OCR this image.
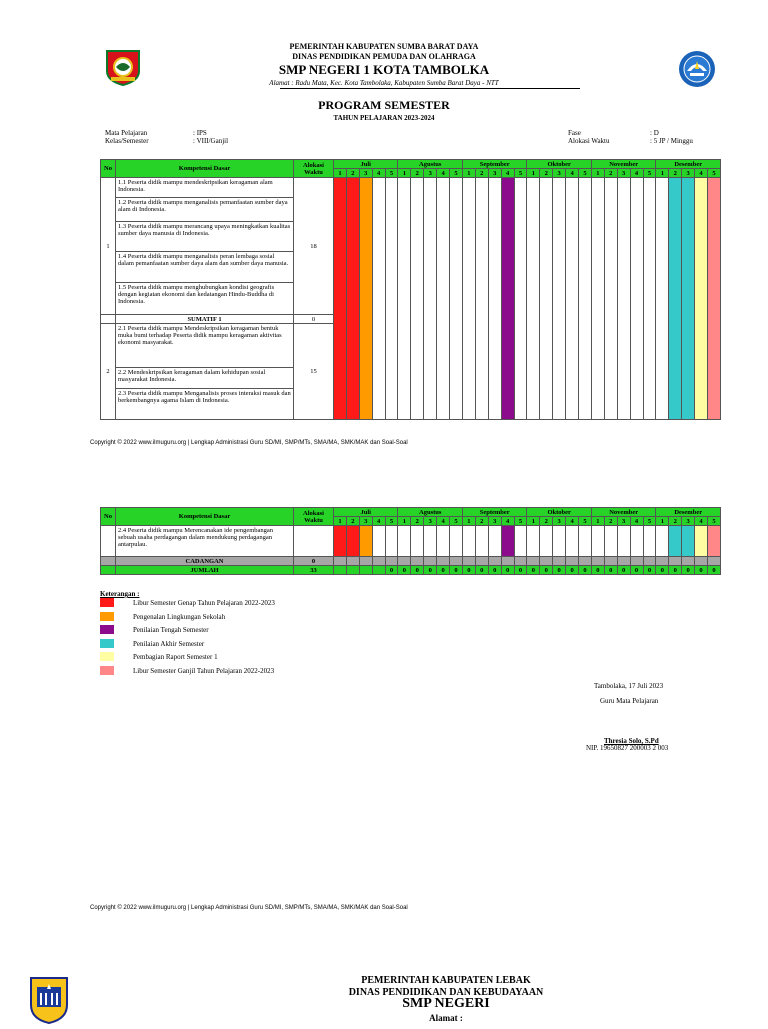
PEMERINTAH KABUPATEN SUMBA BARAT DAYA
DINAS PENDIDIKAN PEMUDA DAN OLAHRAGA
SMP NEGERI 1 KOTA TAMBOLKA
Alamat : Radu Mata, Kec. Kota Tambolaka, Kabupaten Sumba Barat Daya - NTT
PROGRAM SEMESTER
TAHUN PELAJARAN 2023-2024
Mata Pelajaran	: IPS
Kelas/Semester	: VIII/Ganjil
Fase	: D
Alokasi Waktu	: 5 JP / Minggu
No	Kompetensi Dasar	Alokasi Waktu	Juli					Agustus					September					Oktober					November					Desember				
			1	2	3	4	5	1	2	3	4	5	1	2	3	4	5	1	2	3	4	5	1	2	3	4	5	1	2	3	4	5
1	1.1 Peserta didik mampu mendeskripsikan keragaman alam Indonesia.	18																														
	1.2 Peserta didik mampu menganalisis pemanfaatan sumber daya alam di Indonesia.																															
	1.3 Peserta didik mampu merancang upaya meningkatkan kualitas sumber daya manusia di Indonesia.																															
	1.4 Peserta didik mampu menganalisis peran lembaga sosial dalam pemanfaatan sumber daya alam dan sumber daya manusia.																															
	1.5 Peserta didik mampu menghubungkan kondisi geografis dengan kegiatan ekonomi dan kedatangan Hindu-Buddha di Indonesia.																															
	SUMATIF 1	0																														
2	2.1 Peserta didik mampu Mendeskripsikan keragaman bentuk muka bumi terhadap Peserta didik mampu keragaman aktivitas ekonomi masyarakat.	15																														
	2.2 Mendeskripsikan keragaman dalam kehidupan sosial masyarakat Indonesia.																															
	2.3 Peserta didik mampu Menganalisis proses interaksi masuk dan berkembangnya agama Islam di Indonesia.																															
Copyright © 2022 www.ilmuguru.org | Lengkap Administrasi Guru SD/MI, SMP/MTs, SMA/MA, SMK/MAK dan Soal-Soal
No	Kompetensi Dasar	Alokasi Waktu	Juli					Agustus					September					Oktober					November					Desember				
			1	2	3	4	5	1	2	3	4	5	1	2	3	4	5	1	2	3	4	5	1	2	3	4	5	1	2	3	4	5
	2.4 Peserta didik mampu Merencanakan ide pengembangan sebuah usaha perdagangan dalam mendukung perdagangan antarpulau.																															
	CADANGAN	0																														
	JUMLAH	33					0	0	0	0	0	0	0	0	0	0	0	0	0	0	0	0	0	0	0	0	0	0	0	0	0	0
Keterangan :
Libur Semester Genap Tahun Pelajaran 2022-2023
Pengenalan Lingkungan Sekolah
Penilaian Tengah Semester
Penilaian Akhir Semester
Pembagian Raport Semester 1
Libur Semester Ganjil Tahun Pelajaran 2022-2023
Tambolaka, 17 Juli 2023
Guru Mata Pelajaran
Thresia Solo, S.Pd
NIP. 19650827 200003 2 003
Copyright © 2022 www.ilmuguru.org | Lengkap Administrasi Guru SD/MI, SMP/MTs, SMA/MA, SMK/MAK dan Soal-Soal
PEMERINTAH KABUPATEN LEBAK
DINAS PENDIDIKAN DAN KEBUDAYAAN
SMP NEGERI
Alamat :
